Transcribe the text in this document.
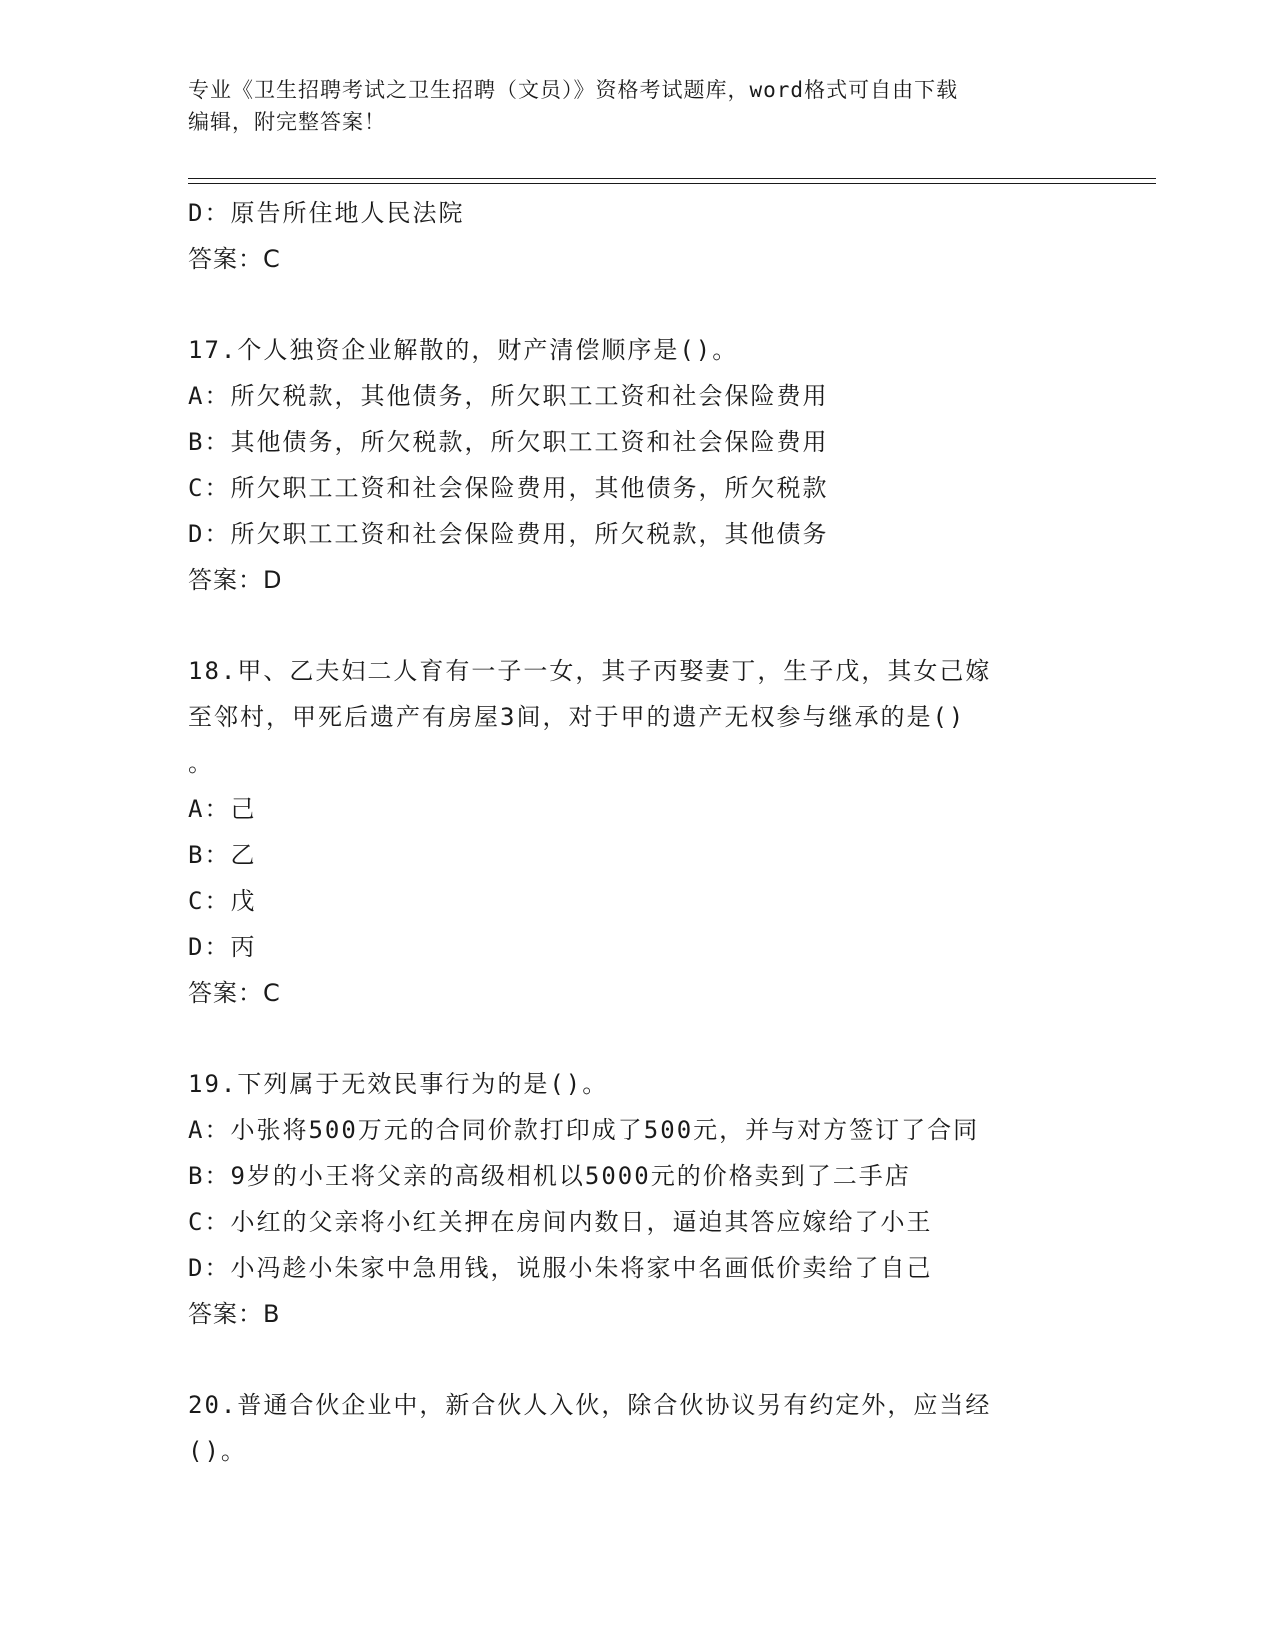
专业《卫生招聘考试之卫生招聘（文员）》资格考试题库，word格式可自由下载
编辑，附完整答案！
D：原告所住地人民法院
答案：C
17.个人独资企业解散的，财产清偿顺序是()。
A：所欠税款，其他债务，所欠职工工资和社会保险费用
B：其他债务，所欠税款，所欠职工工资和社会保险费用
C：所欠职工工资和社会保险费用，其他债务，所欠税款
D：所欠职工工资和社会保险费用，所欠税款，其他债务
答案：D
18.甲、乙夫妇二人育有一子一女，其子丙娶妻丁，生子戊，其女己嫁
至邻村，甲死后遗产有房屋3间，对于甲的遗产无权参与继承的是()
。
A：己
B：乙
C：戊
D：丙
答案：C
19.下列属于无效民事行为的是()。
A：小张将500万元的合同价款打印成了500元，并与对方签订了合同
B：9岁的小王将父亲的高级相机以5000元的价格卖到了二手店
C：小红的父亲将小红关押在房间内数日，逼迫其答应嫁给了小王
D：小冯趁小朱家中急用钱，说服小朱将家中名画低价卖给了自己
答案：B
20.普通合伙企业中，新合伙人入伙，除合伙协议另有约定外，应当经
()。
